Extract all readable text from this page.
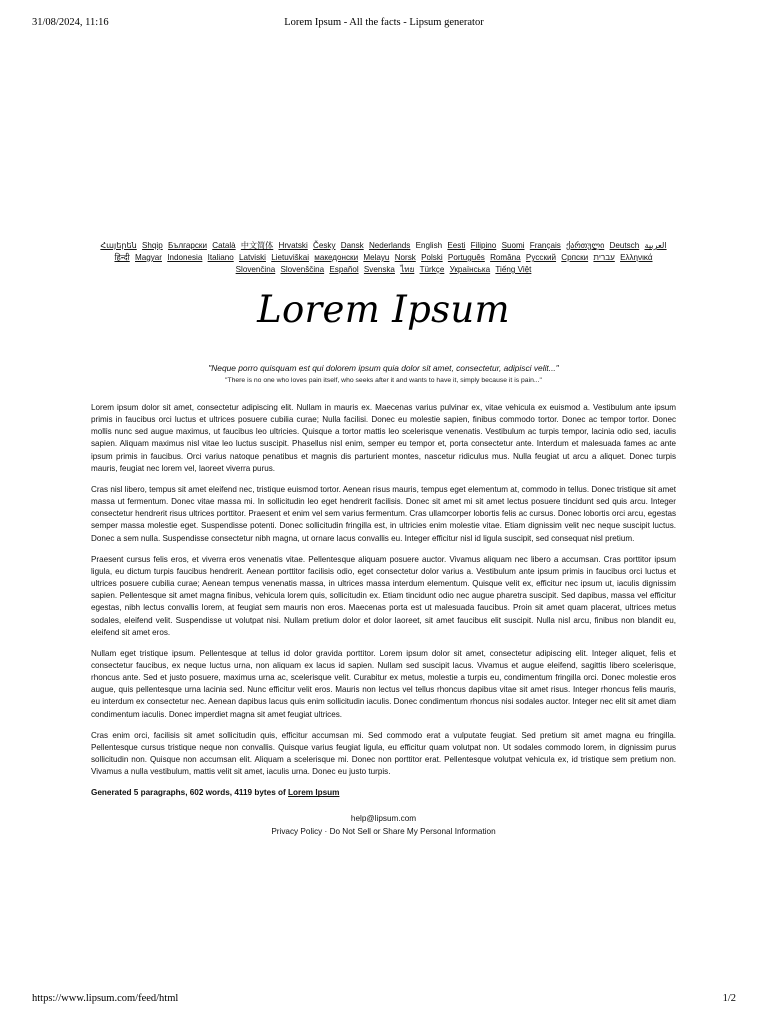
31/08/2024, 11:16	Lorem Ipsum - All the facts - Lipsum generator
Հայերեն Shqip	‫العربية Български Català 中文简体 Hrvatski Česky Dansk Nederlands English Eesti Filipino Suomi Français ქართული Deutsch Ελληνικά ‫עברית हिन्दी Magyar Indonesia Italiano Latviski Lietuviškai македонски Melayu Norsk Polski Português Româna Pyccкий Српски Slovenčina Slovenščina Español Svenska ไทย Türkçe Українська Tiếng Việt
Lorem Ipsum
"Neque porro quisquam est qui dolorem ipsum quia dolor sit amet, consectetur, adipisci velit..."
"There is no one who loves pain itself, who seeks after it and wants to have it, simply because it is pain..."

Lorem ipsum dolor sit amet, consectetur adipiscing elit. Nullam in mauris ex. Maecenas varius pulvinar ex, vitae vehicula ex euismod a. Vestibulum ante ipsum primis in faucibus orci luctus et ultrices posuere cubilia curae; Nulla facilisi. Donec eu molestie sapien, finibus commodo tortor. Donec ac tempor tortor. Donec mollis nunc sed augue maximus, ut faucibus leo ultricies. Quisque a tortor mattis leo scelerisque venenatis. Vestibulum ac turpis tempor, lacinia odio sed, iaculis sapien. Aliquam maximus nisl vitae leo luctus suscipit. Phasellus nisl enim, semper eu tempor et, porta consectetur ante. Interdum et malesuada fames ac ante ipsum primis in faucibus. Orci varius natoque penatibus et magnis dis parturient montes, nascetur ridiculus mus. Nulla feugiat ut arcu a aliquet. Donec turpis mauris, feugiat nec lorem vel, laoreet viverra purus.

Cras nisl libero, tempus sit amet eleifend nec, tristique euismod tortor. Aenean risus mauris, tempus eget elementum at, commodo in tellus. Donec tristique sit amet massa ut fermentum. Donec vitae massa mi. In sollicitudin leo eget hendrerit facilisis. Donec sit amet mi sit amet lectus posuere tincidunt sed quis arcu. Integer consectetur hendrerit risus ultrices porttitor. Praesent et enim vel sem varius fermentum. Cras ullamcorper lobortis felis ac cursus. Donec lobortis orci arcu, egestas semper massa molestie eget. Suspendisse potenti. Donec sollicitudin fringilla est, in ultricies enim molestie vitae. Etiam dignissim velit nec neque suscipit luctus. Donec a sem nulla. Suspendisse consectetur nibh magna, ut ornare lacus convallis eu. Integer efficitur nisl id ligula suscipit, sed consequat nisl pretium.

Praesent cursus felis eros, et viverra eros venenatis vitae. Pellentesque aliquam posuere auctor. Vivamus aliquam nec libero a accumsan. Cras porttitor ipsum ligula, eu dictum turpis faucibus hendrerit. Aenean porttitor facilisis odio, eget consectetur dolor varius a. Vestibulum ante ipsum primis in faucibus orci luctus et ultrices posuere cubilia curae; Aenean tempus venenatis massa, in ultrices massa interdum elementum. Quisque velit ex, efficitur nec ipsum ut, iaculis dignissim sapien. Pellentesque sit amet magna finibus, vehicula lorem quis, sollicitudin ex. Etiam tincidunt odio nec augue pharetra suscipit. Sed dapibus, massa vel efficitur egestas, nibh lectus convallis lorem, at feugiat sem mauris non eros. Maecenas porta est ut malesuada faucibus. Proin sit amet quam placerat, ultrices metus sodales, eleifend velit. Suspendisse ut volutpat nisi. Nullam pretium dolor et dolor laoreet, sit amet faucibus elit suscipit. Nulla nisl arcu, finibus non blandit eu, eleifend sit amet eros.

Nullam eget tristique ipsum. Pellentesque at tellus id dolor gravida porttitor. Lorem ipsum dolor sit amet, consectetur adipiscing elit. Integer aliquet, felis et consectetur faucibus, ex neque luctus urna, non aliquam ex lacus id sapien. Nullam sed suscipit lacus. Vivamus et augue eleifend, sagittis libero scelerisque, rhoncus ante. Sed et justo posuere, maximus urna ac, scelerisque velit. Curabitur ex metus, molestie a turpis eu, condimentum fringilla orci. Donec molestie eros augue, quis pellentesque urna lacinia sed. Nunc efficitur velit eros. Mauris non lectus vel tellus rhoncus dapibus vitae sit amet risus. Integer rhoncus felis mauris, eu interdum ex consectetur nec. Aenean dapibus lacus quis enim sollicitudin iaculis. Donec condimentum rhoncus nisi sodales auctor. Integer nec elit sit amet diam condimentum iaculis. Donec imperdiet magna sit amet feugiat ultrices.

Cras enim orci, facilisis sit amet sollicitudin quis, efficitur accumsan mi. Sed commodo erat a vulputate feugiat. Sed pretium sit amet magna eu fringilla. Pellentesque cursus tristique neque non convallis. Quisque varius feugiat ligula, eu efficitur quam volutpat non. Ut sodales commodo lorem, in dignissim purus sollicitudin non. Quisque non accumsan elit. Aliquam a scelerisque mi. Donec non porttitor erat. Pellentesque volutpat vehicula ex, id tristique sem pretium non. Vivamus a nulla vestibulum, mattis velit sit amet, iaculis urna. Donec eu justo turpis.

Generated 5 paragraphs, 602 words, 4119 bytes of Lorem Ipsum
help@lipsum.com
Privacy Policy · Do Not Sell or Share My Personal Information
https://www.lipsum.com/feed/html	1/2
